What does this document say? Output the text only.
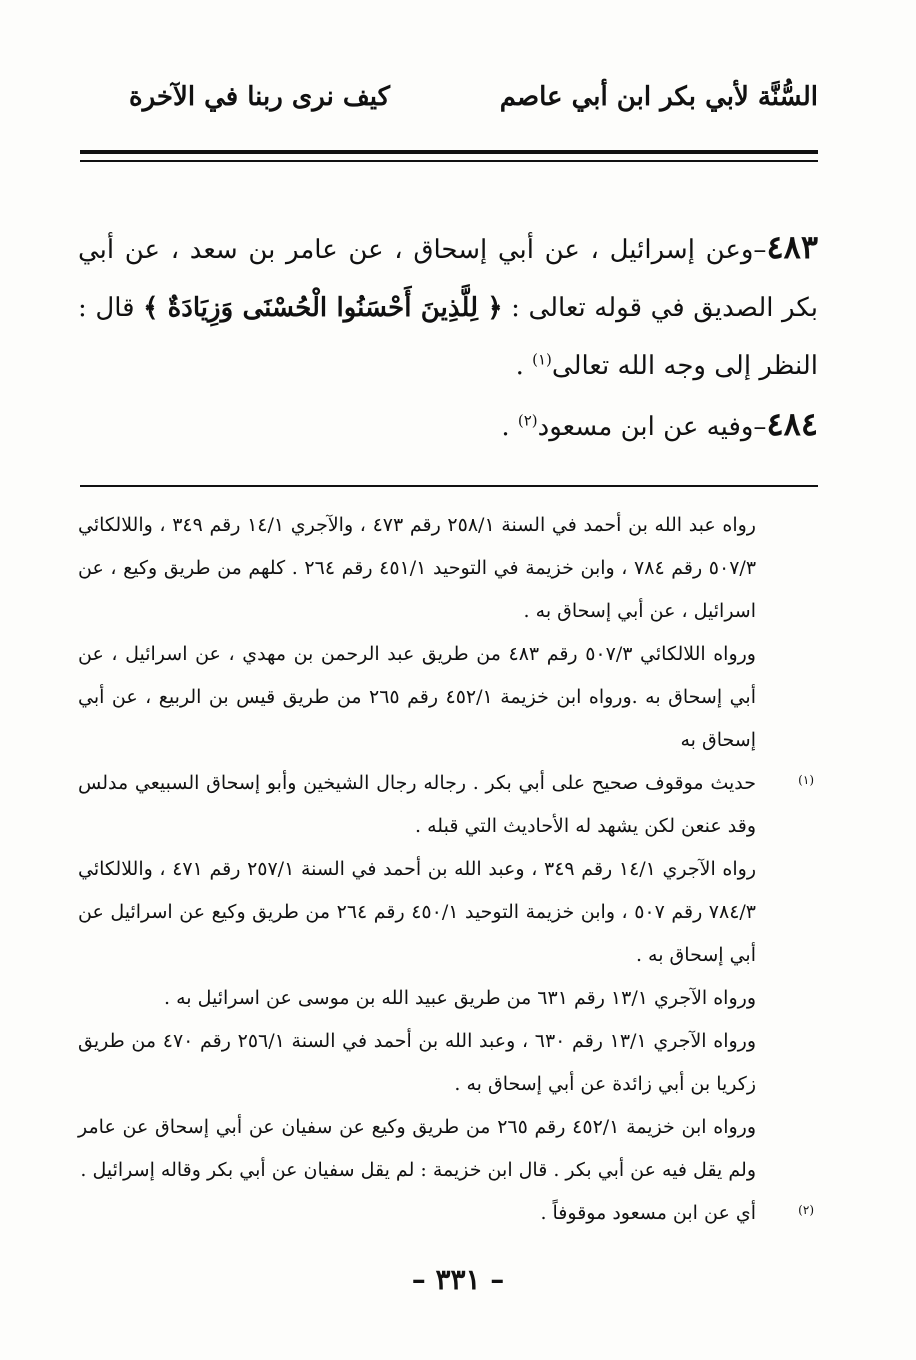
السُّنَّة لأبي بكر ابن أبي عاصم
كيف نرى ربنا في الآخرة

٤٨٣–وعن إسرائيل ، عن أبي إسحاق ، عن عامر بن سعد ، عن أبي بكر الصديق في قوله تعالى : ﴿ لِلَّذِينَ أَحْسَنُوا الْحُسْنَى وَزِيَادَةٌ ﴾ قال : النظر إلى وجه الله تعالى$^{(١)}$ .

٤٨٤–وفيه عن ابن مسعود$^{(٢)}$ .

رواه عبد الله بن أحمد في السنة ٢٥٨/١ رقم ٤٧٣ ، والآجري ١٤/١ رقم ٣٤٩ ، واللالكائي ٥٠٧/٣ رقم ٧٨٤ ، وابن خزيمة في التوحيد ٤٥١/١ رقم ٢٦٤ . كلهم من طريق وكيع ، عن اسرائيل ، عن أبي إسحاق به .

ورواه اللالكائي ٥٠٧/٣ رقم ٤٨٣ من طريق عبد الرحمن بن مهدي ، عن اسرائيل ، عن أبي إسحاق به .ورواه ابن خزيمة ٤٥٢/١ رقم ٢٦٥ من طريق قيس بن الربيع ، عن أبي إسحاق به

(١)

حديث موقوف صحيح على أبي بكر . رجاله رجال الشيخين وأبو إسحاق السبيعي مدلس وقد عنعن لكن يشهد له الأحاديث التي قبله .

رواه الآجري ١٤/١ رقم ٣٤٩ ، وعبد الله بن أحمد في السنة ٢٥٧/١ رقم ٤٧١ ، واللالكائي ٧٨٤/٣ رقم ٥٠٧ ، وابن خزيمة التوحيد ٤٥٠/١ رقم ٢٦٤ من طريق وكيع عن اسرائيل عن أبي إسحاق به .

ورواه الآجري ١٣/١ رقم ٦٣١ من طريق عبيد الله بن موسى عن اسرائيل به .

ورواه الآجري ١٣/١ رقم ٦٣٠ ، وعبد الله بن أحمد في السنة ٢٥٦/١ رقم ٤٧٠ من طريق زكريا بن أبي زائدة عن أبي إسحاق به .

ورواه ابن خزيمة ٤٥٢/١ رقم ٢٦٥ من طريق وكيع عن سفيان عن أبي إسحاق عن عامر ولم يقل فيه عن أبي بكر . قال ابن خزيمة : لم يقل سفيان عن أبي بكر وقاله إسرائيل .

(٢)

أي عن ابن مسعود موقوفاً .

– ٣٣١ –
